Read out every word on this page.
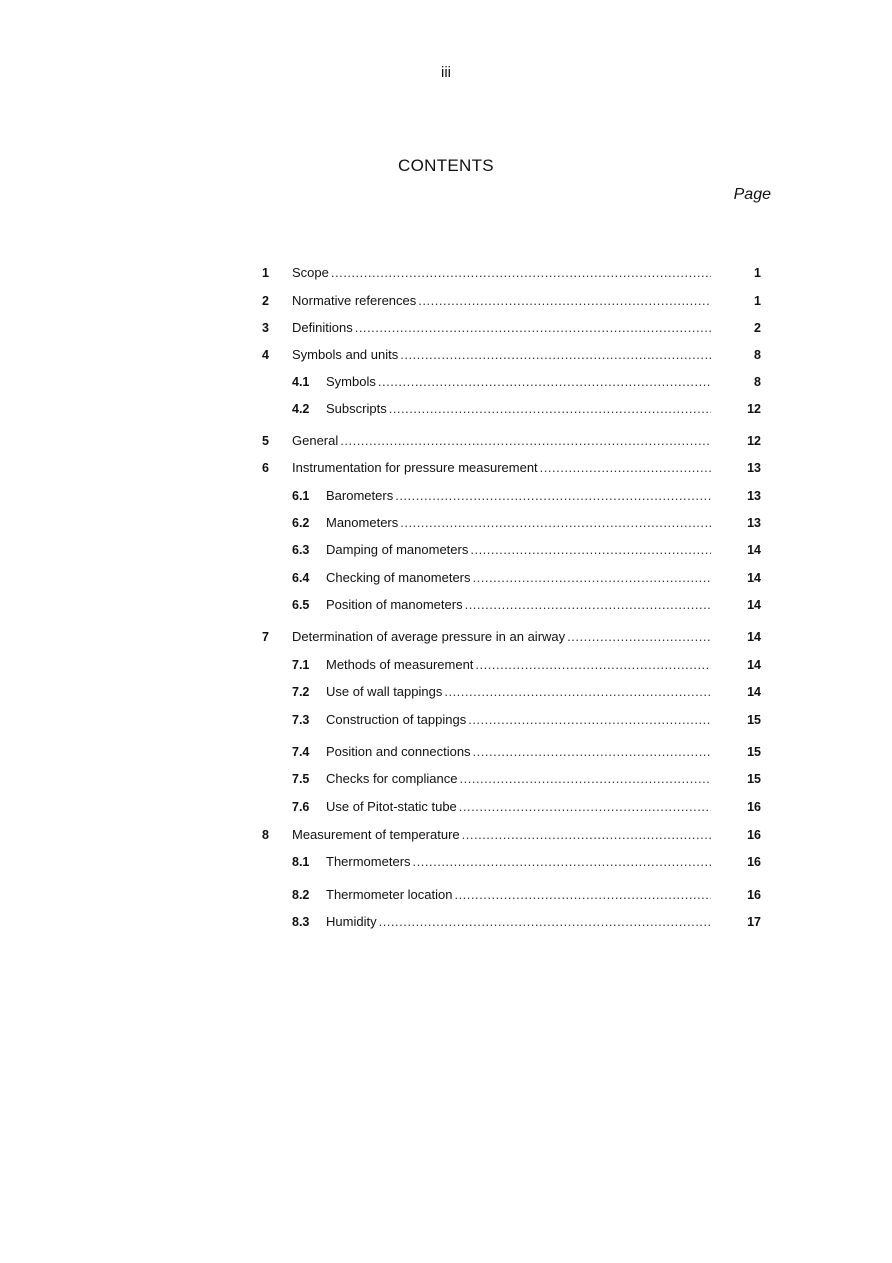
iii
CONTENTS
Page
1 Scope .....	1
2 Normative references .....	1
3 Definitions .....	2
4 Symbols and units .....	8
4.1 Symbols .....	8
4.2 Subscripts .....	12
5 General .....	12
6 Instrumentation for pressure measurement .....	13
6.1 Barometers .....	13
6.2 Manometers .....	13
6.3 Damping of manometers .....	14
6.4 Checking of manometers .....	14
6.5 Position of manometers .....	14
7 Determination of average pressure in an airway .....	14
7.1 Methods of measurement .....	14
7.2 Use of wall tappings .....	14
7.3 Construction of tappings .....	15
7.4 Position and connections .....	15
7.5 Checks for compliance .....	15
7.6 Use of Pitot-static tube .....	16
8 Measurement of temperature .....	16
8.1 Thermometers .....	16
8.2 Thermometer location .....	16
8.3 Humidity .....	17
